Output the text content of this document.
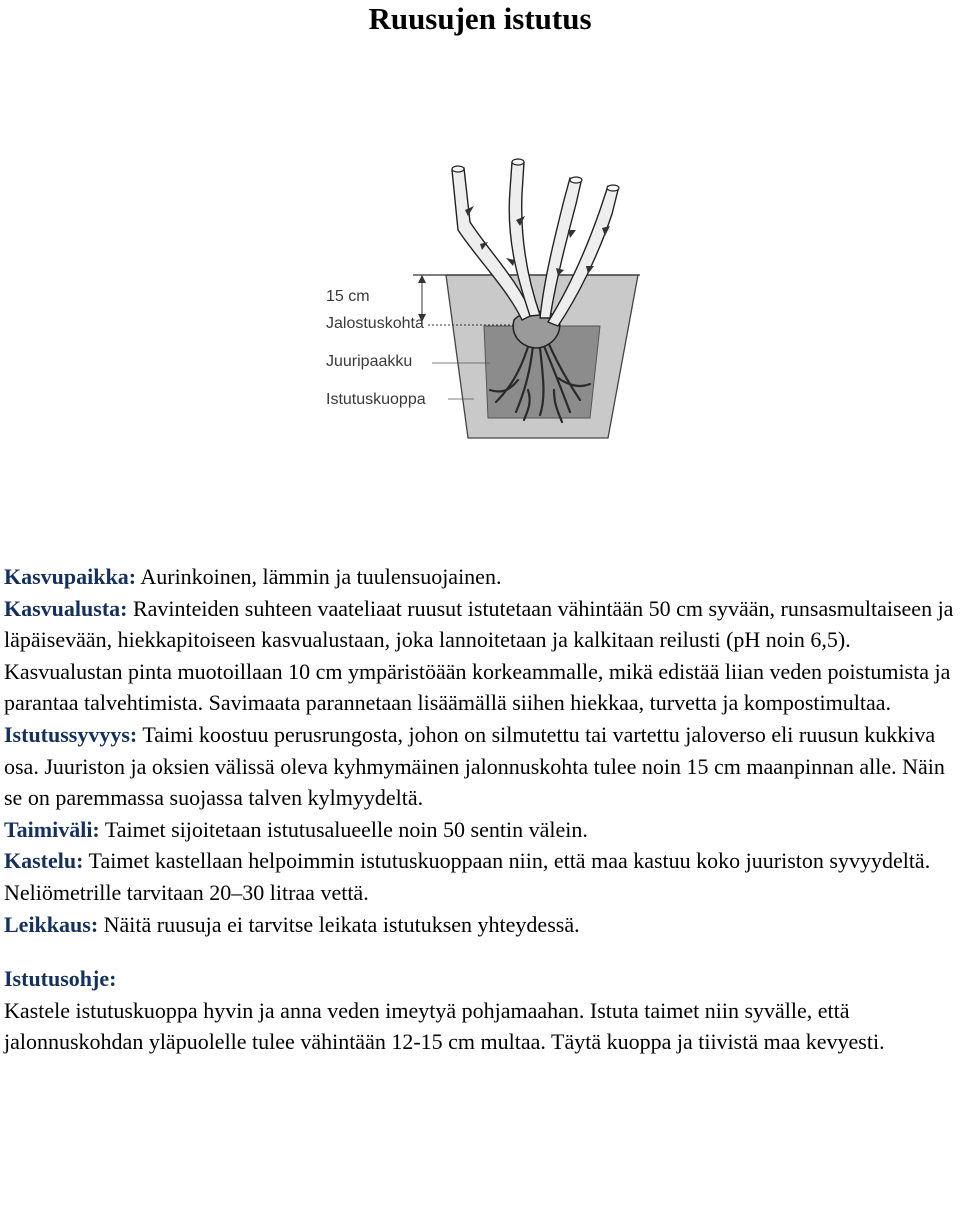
Ruusujen istutus
15 cm
Jalostuskohta
Juuripaakku
Istutuskuoppa

Kasvupaikka: Aurinkoinen, lämmin ja tuulensuojainen.

Kasvualusta: Ravinteiden suhteen vaateliaat ruusut istutetaan vähintään 50 cm syvään, runsasmultaiseen ja läpäisevään, hiekkapitoiseen kasvualustaan, joka lannoitetaan ja kalkitaan reilusti (pH noin 6,5). Kasvualustan pinta muotoillaan 10 cm ympäristöään korkeammalle, mikä edistää liian veden poistumista ja parantaa talvehtimista. Savimaata parannetaan lisäämällä siihen hiekkaa, turvetta ja kompostimultaa.

Istutussyvyys: Taimi koostuu perusrungosta, johon on silmutettu tai vartettu jaloverso eli ruusun kukkiva osa. Juuriston ja oksien välissä oleva kyhmymäinen jalonnuskohta tulee noin 15 cm maanpinnan alle. Näin se on paremmassa suojassa talven kylmyydeltä.

Taimiväli: Taimet sijoitetaan istutusalueelle noin 50 sentin välein.

Kastelu: Taimet kastellaan helpoimmin istutuskuoppaan niin, että maa kastuu koko juuriston syvyydeltä. Neliömetrille tarvitaan 20–30 litraa vettä.

Leikkaus: Näitä ruusuja ei tarvitse leikata istutuksen yhteydessä.

Istutusohje:

Kastele istutuskuoppa hyvin ja anna veden imeytyä pohjamaahan. Istuta taimet niin syvälle, että jalonnuskohdan yläpuolelle tulee vähintään 12-15 cm multaa. Täytä kuoppa ja tiivistä maa kevyesti.
